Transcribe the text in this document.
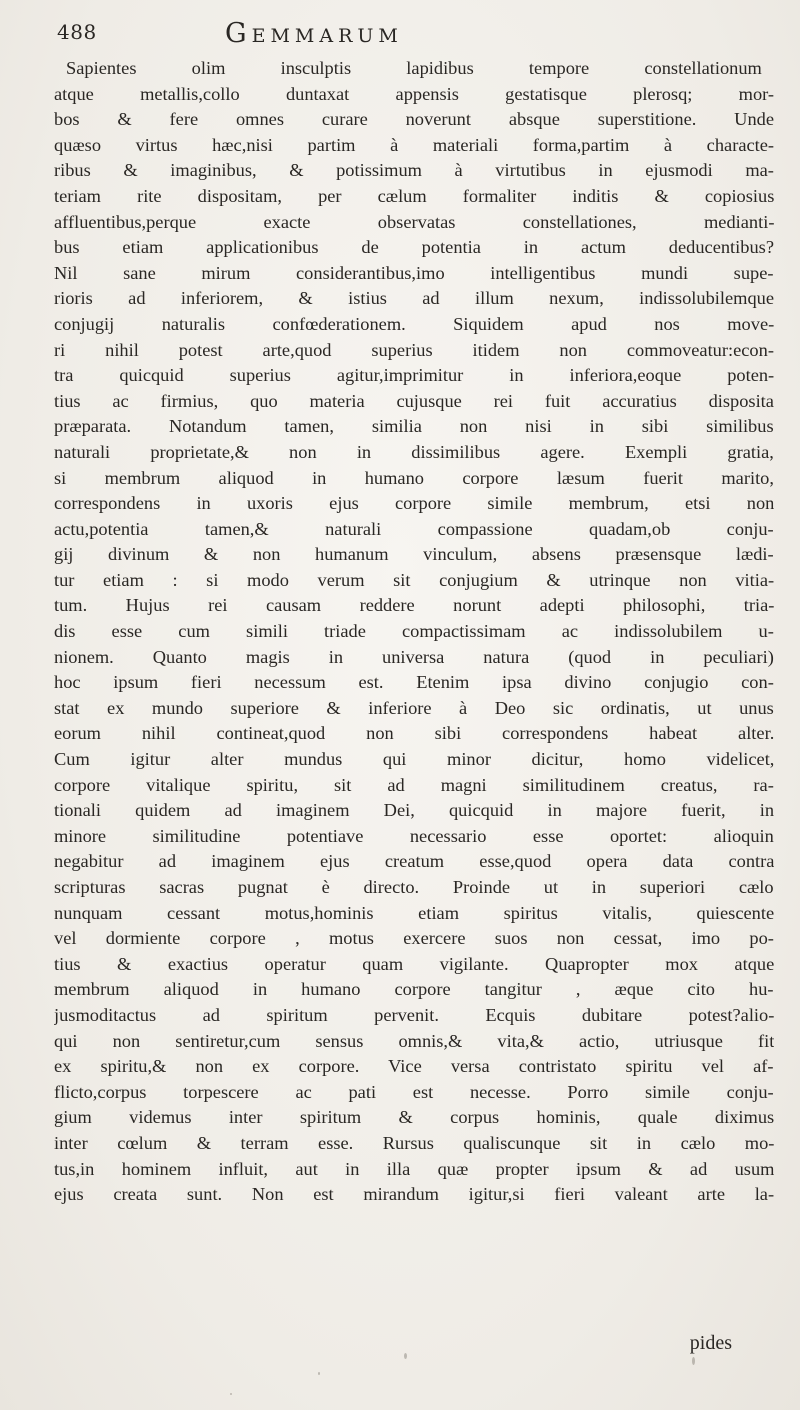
488	Gemmarum
Sapientes olim insculptis lapidibus tempore constellationum
atque metallis,collo duntaxat appensis gestatisque plerosq; mor-
bos & fere omnes curare noverunt absque superstitione. Unde
quæso virtus hæc,nisi partim à materiali forma,partim à characte-
ribus & imaginibus, & potissimum à virtutibus in ejusmodi ma-
teriam rite dispositam, per cælum formaliter inditis & copiosius
affluentibus,perque exacte observatas constellationes, medianti-
bus etiam applicationibus de potentia in actum deducentibus?
Nil sane mirum considerantibus,imo intelligentibus mundi supe-
rioris ad inferiorem, & istius ad illum nexum, indissolubilemque
conjugij naturalis confœderationem. Siquidem apud nos move-
ri nihil potest arte,quod superius itidem non commoveatur:econ-
tra quicquid superius agitur,imprimitur in inferiora,eoque poten-
tius ac firmius, quo materia cujusque rei fuit accuratius disposita
præparata. Notandum tamen, similia non nisi in sibi similibus
naturali proprietate,& non in dissimilibus agere. Exempli gratia,
si membrum aliquod in humano corpore læsum fuerit marito,
correspondens in uxoris ejus corpore simile membrum, etsi non
actu,potentia tamen,& naturali compassione quadam,ob conju-
gij divinum & non humanum vinculum, absens præsensque lædi-
tur etiam : si modo verum sit conjugium & utrinque non vitia-
tum. Hujus rei causam reddere norunt adepti philosophi, tria-
dis esse cum simili triade compactissimam ac indissolubilem u-
nionem. Quanto magis in universa natura (quod in peculiari)
hoc ipsum fieri necessum est. Etenim ipsa divino conjugio con-
stat ex mundo superiore & inferiore à Deo sic ordinatis, ut unus
eorum nihil contineat,quod non sibi correspondens habeat alter.
Cum igitur alter mundus qui minor dicitur, homo videlicet,
corpore vitalique spiritu, sit ad magni similitudinem creatus, ra-
tionali quidem ad imaginem Dei, quicquid in majore fuerit, in
minore similitudine potentiave necessario esse oportet: alioquin
negabitur ad imaginem ejus creatum esse,quod opera data contra
scripturas sacras pugnat è directo. Proinde ut in superiori cælo
nunquam cessant motus,hominis etiam spiritus vitalis, quiescente
vel dormiente corpore , motus exercere suos non cessat, imo po-
tius & exactius operatur quam vigilante. Quapropter mox atque
membrum aliquod in humano corpore tangitur , æque cito hu-
jusmoditactus ad spiritum pervenit. Ecquis dubitare potest?alio-
qui non sentiretur,cum sensus omnis,& vita,& actio, utriusque fit
ex spiritu,& non ex corpore. Vice versa contristato spiritu vel af-
flicto,corpus torpescere ac pati est necesse. Porro simile conju-
gium videmus inter spiritum & corpus hominis, quale diximus
inter cœlum & terram esse. Rursus qualiscunque sit in cælo mo-
tus,in hominem influit, aut in illa quæ propter ipsum & ad usum
ejus creata sunt. Non est mirandum igitur,si fieri valeant arte la-
pides
